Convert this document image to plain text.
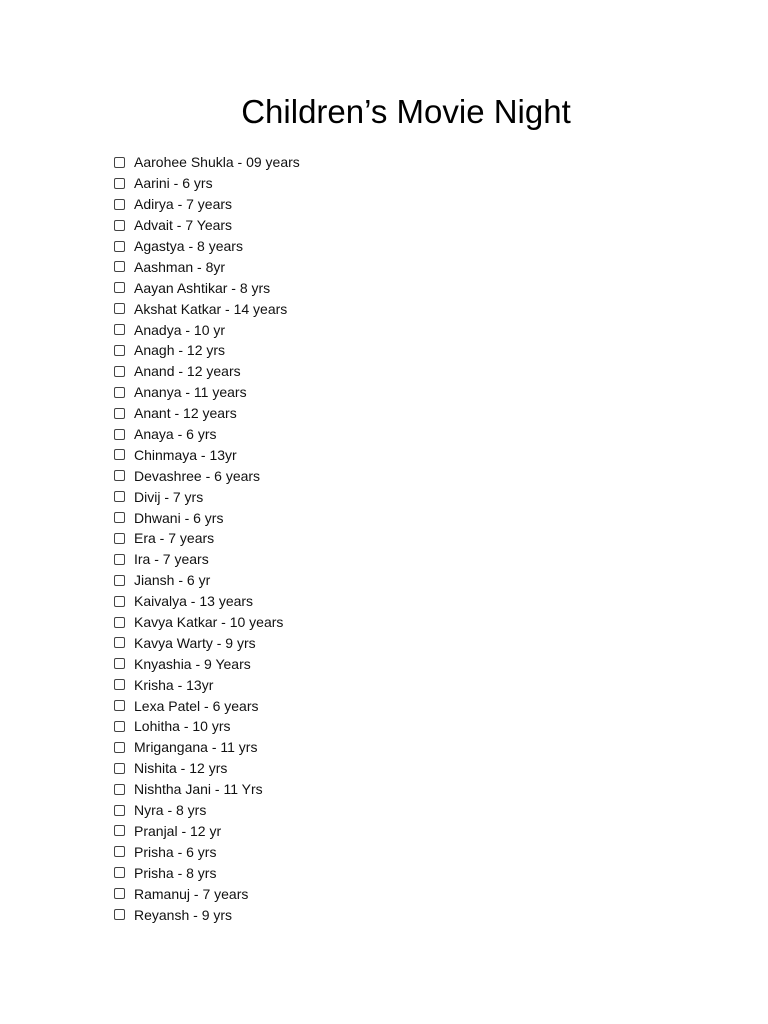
Children’s Movie Night
Aarohee Shukla - 09 years
Aarini - 6 yrs
Adirya - 7 years
Advait - 7 Years
Agastya - 8 years
Aashman - 8yr
Aayan Ashtikar - 8 yrs
Akshat Katkar - 14 years
Anadya - 10 yr
Anagh - 12 yrs
Anand - 12 years
Ananya - 11 years
Anant - 12 years
Anaya - 6 yrs
Chinmaya - 13yr
Devashree - 6 years
Divij - 7 yrs
Dhwani - 6 yrs
Era - 7 years
Ira - 7 years
Jiansh - 6 yr
Kaivalya - 13 years
Kavya Katkar - 10 years
Kavya Warty - 9 yrs
Knyashia - 9 Years
Krisha - 13yr
Lexa Patel - 6 years
Lohitha - 10 yrs
Mrigangana - 11 yrs
Nishita - 12 yrs
Nishtha Jani - 11 Yrs
Nyra - 8 yrs
Pranjal - 12 yr
Prisha - 6 yrs
Prisha - 8 yrs
Ramanuj - 7 years
Reyansh - 9 yrs
